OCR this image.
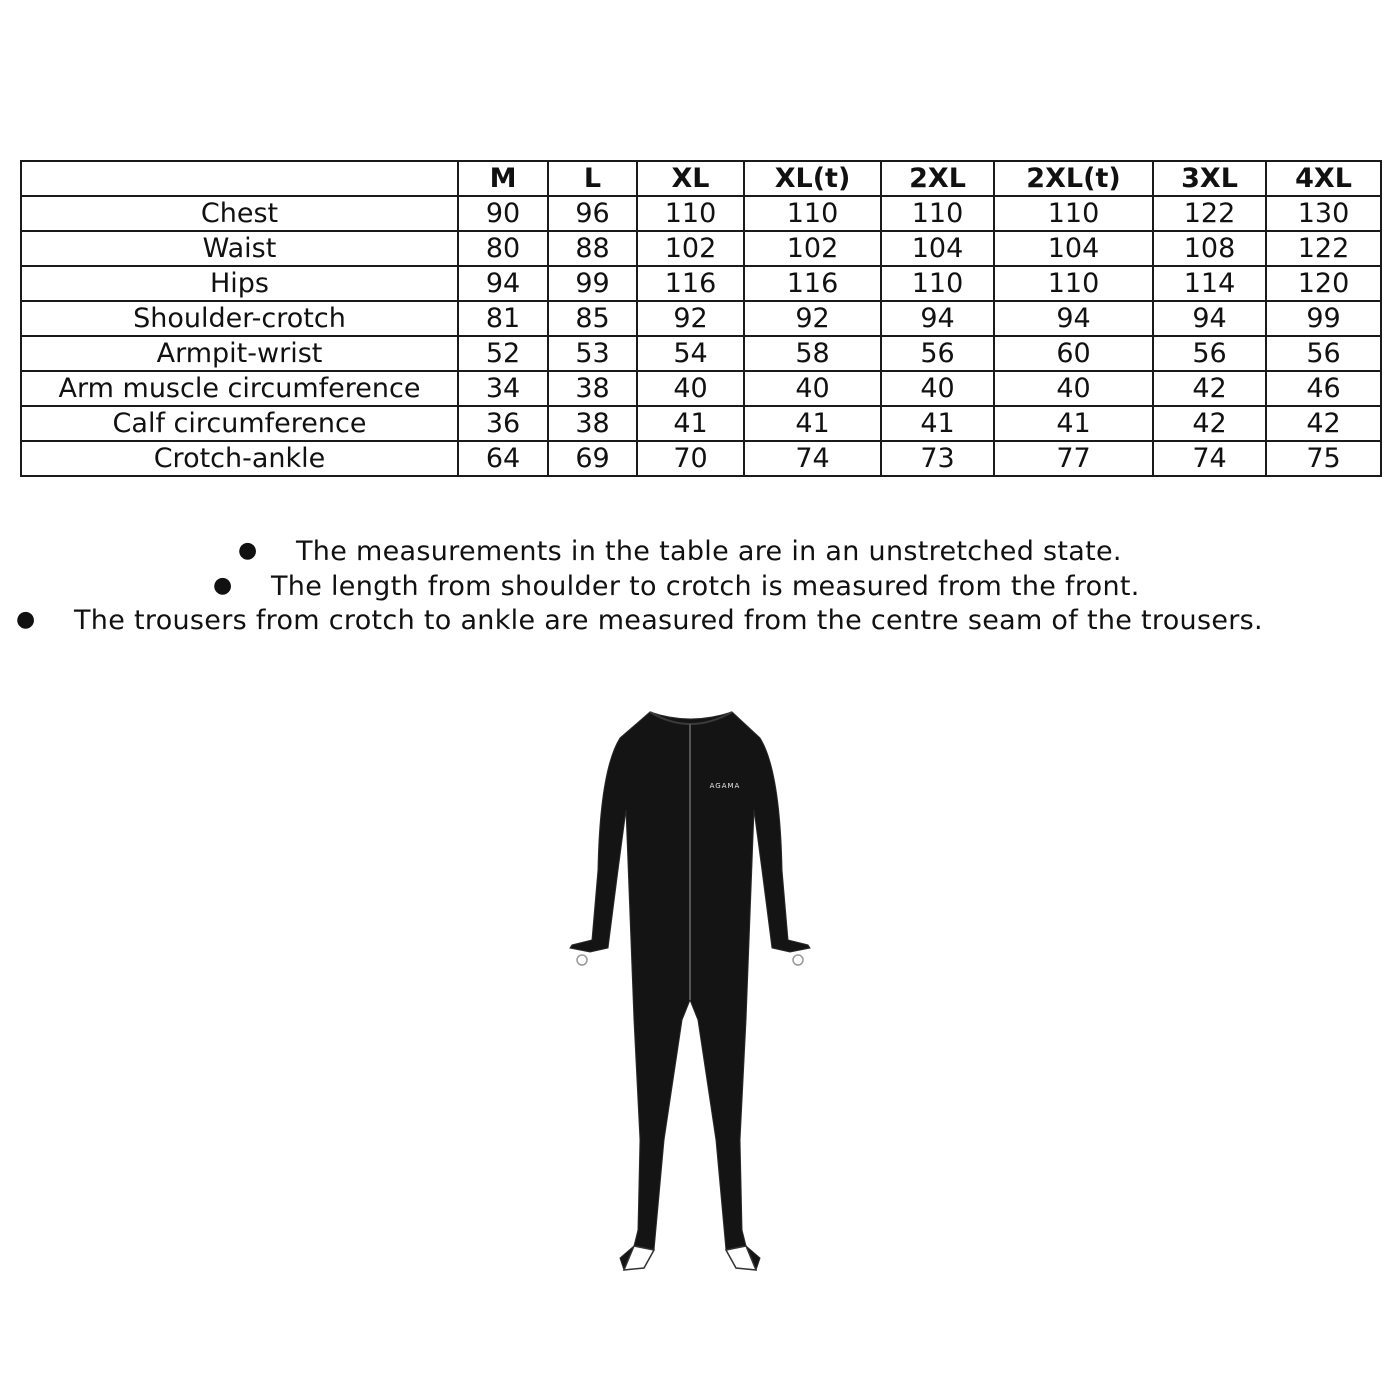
	M	L	XL	XL(t)	2XL	2XL(t)	3XL	4XL
Chest	90	96	110	110	110	110	122	130
Waist	80	88	102	102	104	104	108	122
Hips	94	99	116	116	110	110	114	120
Shoulder-crotch	81	85	92	92	94	94	94	99
Armpit-wrist	52	53	54	58	56	60	56	56
Arm muscle circumference	34	38	40	40	40	40	42	46
Calf circumference	36	38	41	41	41	41	42	42
Crotch-ankle	64	69	70	74	73	77	74	75
● The measurements in the table are in an unstretched state.
● The length from shoulder to crotch is measured from the front.
● The trousers from crotch to ankle are measured from the centre seam of the trousers.
AGAMA
